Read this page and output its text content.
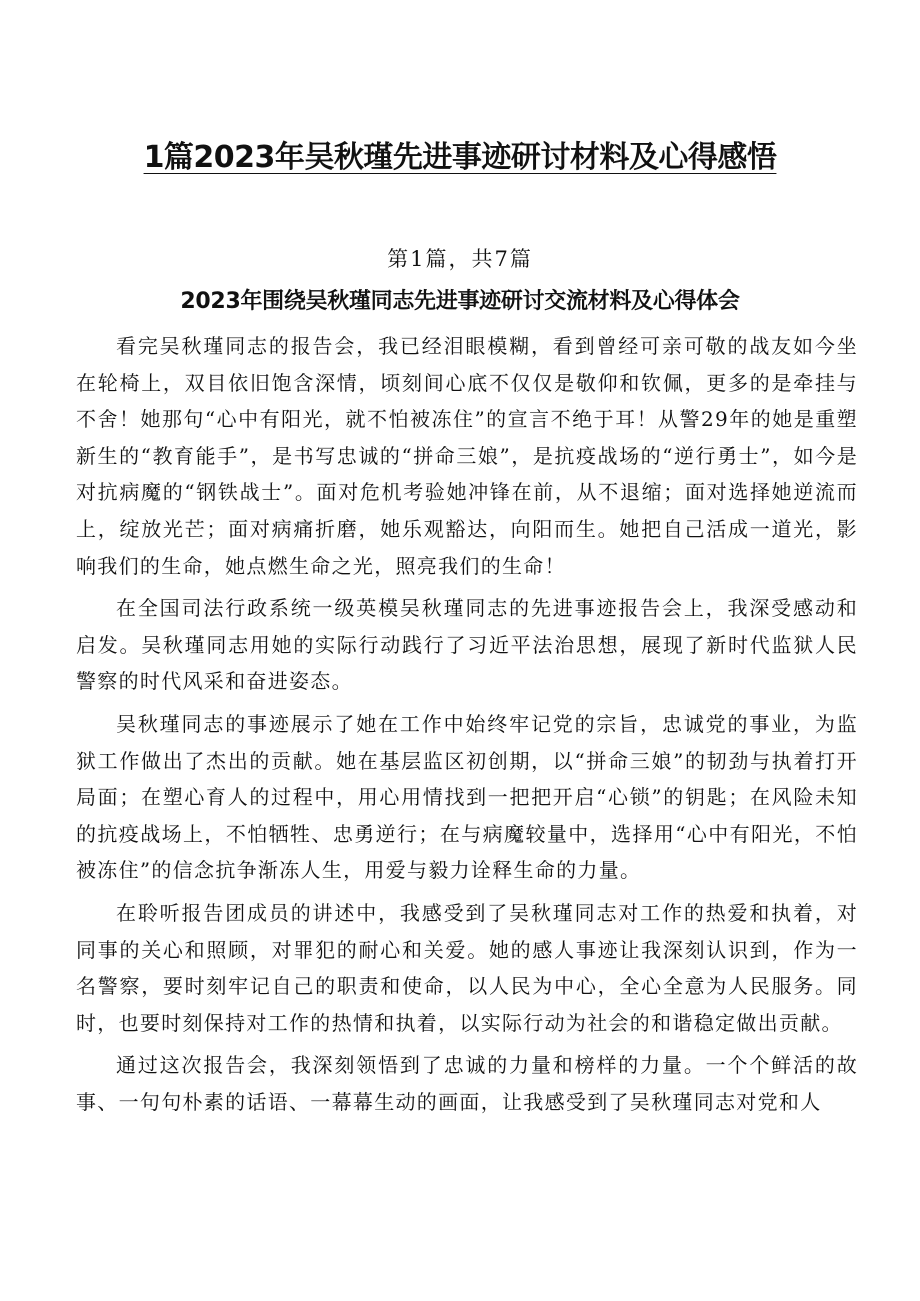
1篇2023年吴秋瑾先进事迹研讨材料及心得感悟
第1篇，共7篇
2023年围绕吴秋瑾同志先进事迹研讨交流材料及心得体会

看完吴秋瑾同志的报告会，我已经泪眼模糊，看到曾经可亲可敬的战友如今坐在轮椅上，双目依旧饱含深情，顷刻间心底不仅仅是敬仰和钦佩，更多的是牵挂与不舍！她那句“心中有阳光，就不怕被冻住”的宣言不绝于耳！从警29年的她是重塑新生的“教育能手”，是书写忠诚的“拼命三娘”，是抗疫战场的“逆行勇士”，如今是对抗病魔的“钢铁战士”。面对危机考验她冲锋在前，从不退缩；面对选择她逆流而上，绽放光芒；面对病痛折磨，她乐观豁达，向阳而生。她把自己活成一道光，影响我们的生命，她点燃生命之光，照亮我们的生命！

在全国司法行政系统一级英模吴秋瑾同志的先进事迹报告会上，我深受感动和启发。吴秋瑾同志用她的实际行动践行了习近平法治思想，展现了新时代监狱人民警察的时代风采和奋进姿态。

吴秋瑾同志的事迹展示了她在工作中始终牢记党的宗旨，忠诚党的事业，为监狱工作做出了杰出的贡献。她在基层监区初创期，以“拼命三娘”的韧劲与执着打开局面；在塑心育人的过程中，用心用情找到一把把开启“心锁”的钥匙；在风险未知的抗疫战场上，不怕牺牲、忠勇逆行；在与病魔较量中，选择用“心中有阳光，不怕被冻住”的信念抗争渐冻人生，用爱与毅力诠释生命的力量。

在聆听报告团成员的讲述中，我感受到了吴秋瑾同志对工作的热爱和执着，对同事的关心和照顾，对罪犯的耐心和关爱。她的感人事迹让我深刻认识到，作为一名警察，要时刻牢记自己的职责和使命，以人民为中心，全心全意为人民服务。同时，也要时刻保持对工作的热情和执着，以实际行动为社会的和谐稳定做出贡献。

通过这次报告会，我深刻领悟到了忠诚的力量和榜样的力量。一个个鲜活的故事、一句句朴素的话语、一幕幕生动的画面，让我感受到了吴秋瑾同志对党和人
